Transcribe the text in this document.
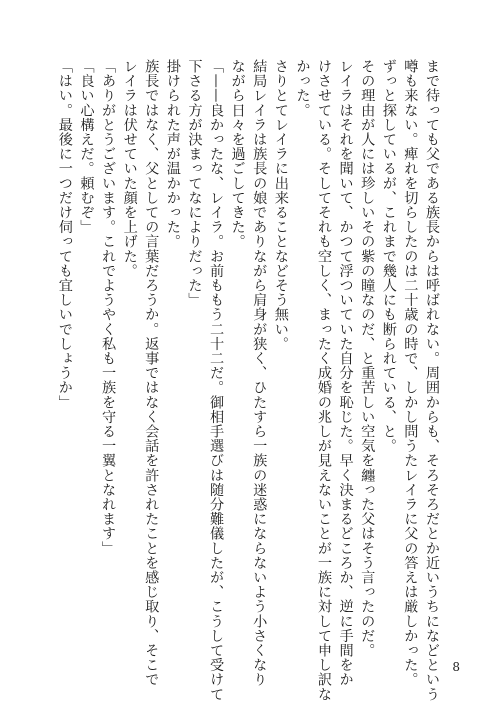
まで待っても父である族長からは呼ばれない。周囲からも、そろそろだとか近いうちになどという
噂も来ない。痺れを切らしたのは二十歳の時で、しかし問うたレイラに父の答えは厳しかった。
ずっと探しているが、これまで幾人にも断られている、と。
その理由が人には珍しいその紫の瞳なのだ、と重苦しい空気を纏った父はそう言ったのだ。
レイラはそれを聞いて、かつて浮ついていた自分を恥じた。早く決まるどころか、逆に手間をか
けさせている。そしてそれも空しく、まったく成婚の兆しが見えないことが一族に対して申し訳な
かった。
さりとてレイラに出来ることなどそう無い。
結局レイラは族長の娘でありながら肩身が狭く、ひたすら一族の迷惑にならないよう小さくなり
ながら日々を過ごしてきた。
「——良かったな、レイラ。お前ももう二十二だ。御相手選びは随分難儀したが、こうして受けて
下さる方が決まってなによりだった」
掛けられた声が温かかった。
族長ではなく、父としての言葉だろうか。返事ではなく会話を許されたことを感じ取り、そこで
レイラは伏せていた顔を上げた。
「ありがとうございます。これでようやく私も一族を守る一翼となれます」
「良い心構えだ。頼むぞ」
「はい。最後に一つだけ伺っても宜しいでしょうか」
8
